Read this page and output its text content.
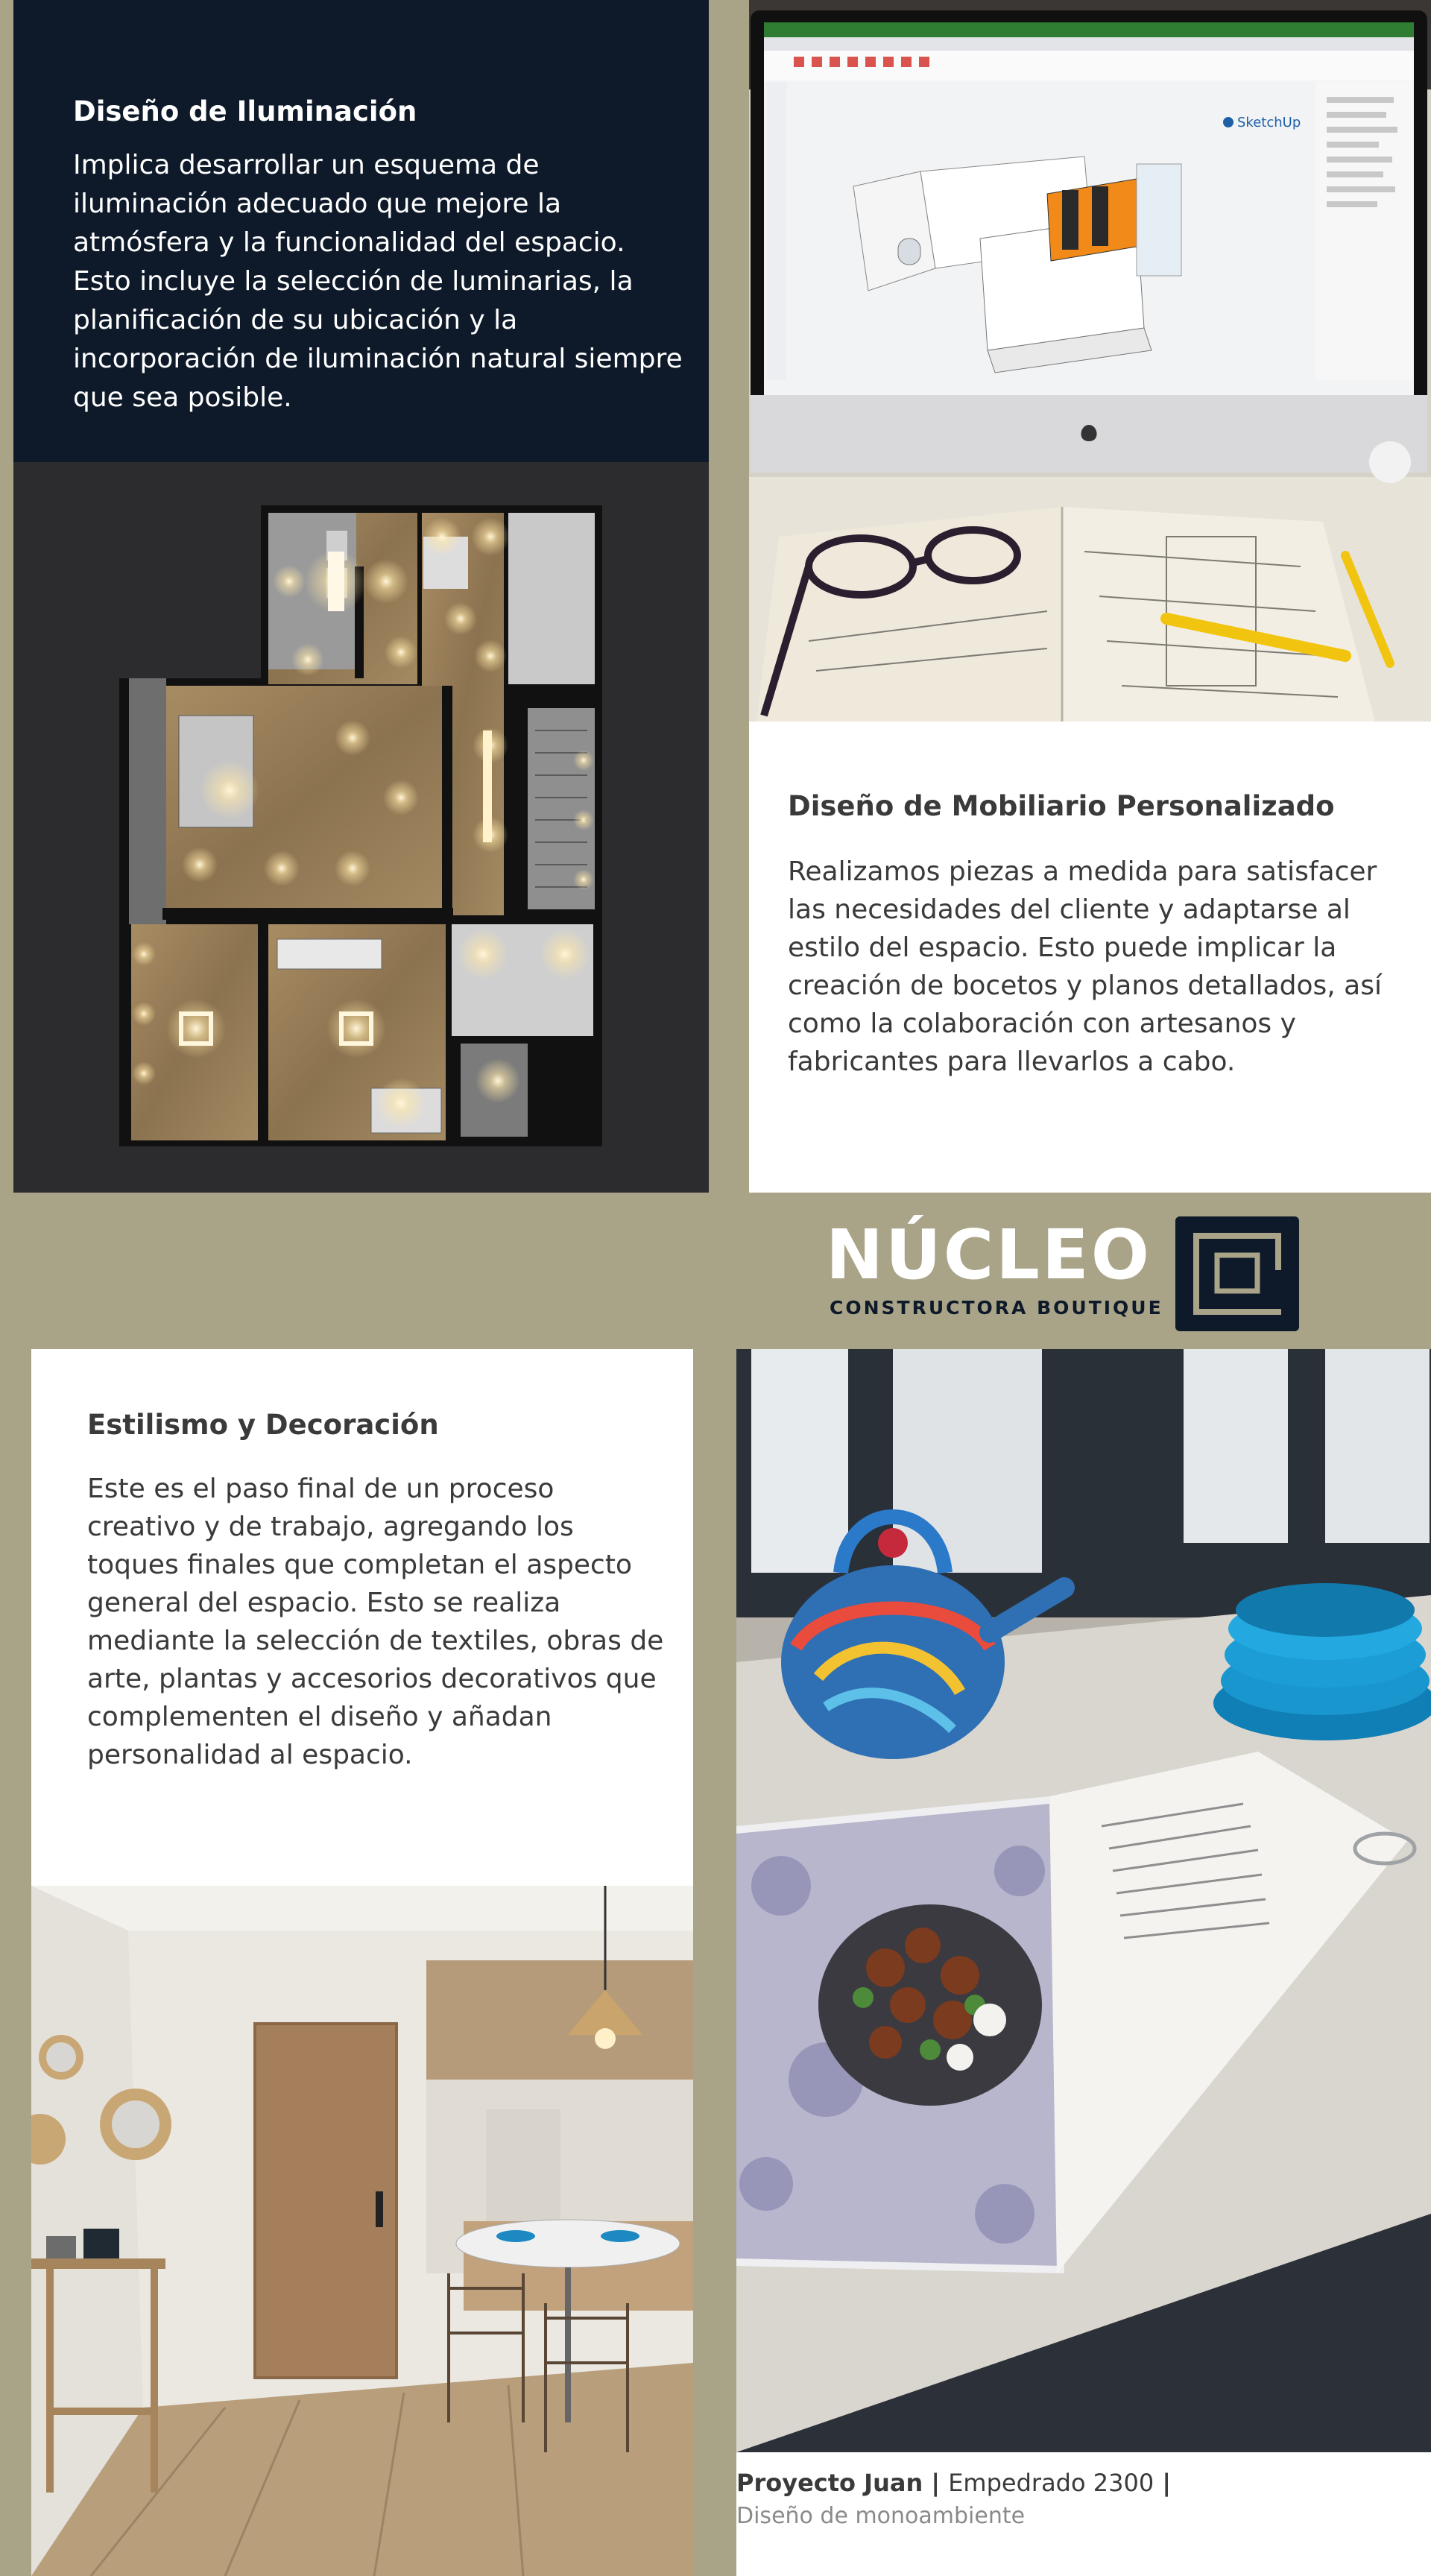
Diseño de Iluminación

Implica desarrollar un esquema de iluminación adecuado que mejore la atmósfera y la funcionalidad del espacio. Esto incluye la selección de luminarias, la planificación de su ubicación y la incorporación de iluminación natural siempre que sea posible.

SketchUp
Diseño de Mobiliario Personalizado

Realizamos piezas a medida para satisfacer las necesidades del cliente y adaptarse al estilo del espacio. Esto puede implicar la creación de bocetos y planos detallados, así como la colaboración con artesanos y fabricantes para llevarlos a cabo.

NÚCLEO
CONSTRUCTORA BOUTIQUE
Estilismo y Decoración

Este es el paso final de un proceso creativo y de trabajo, agregando los toques finales que completan el aspecto general del espacio. Esto se realiza mediante la selección de textiles, obras de arte, plantas y accesorios decorativos que complementen el diseño y añadan personalidad al espacio.

Proyecto Juan | Empedrado 2300 |
Diseño de monoambiente
